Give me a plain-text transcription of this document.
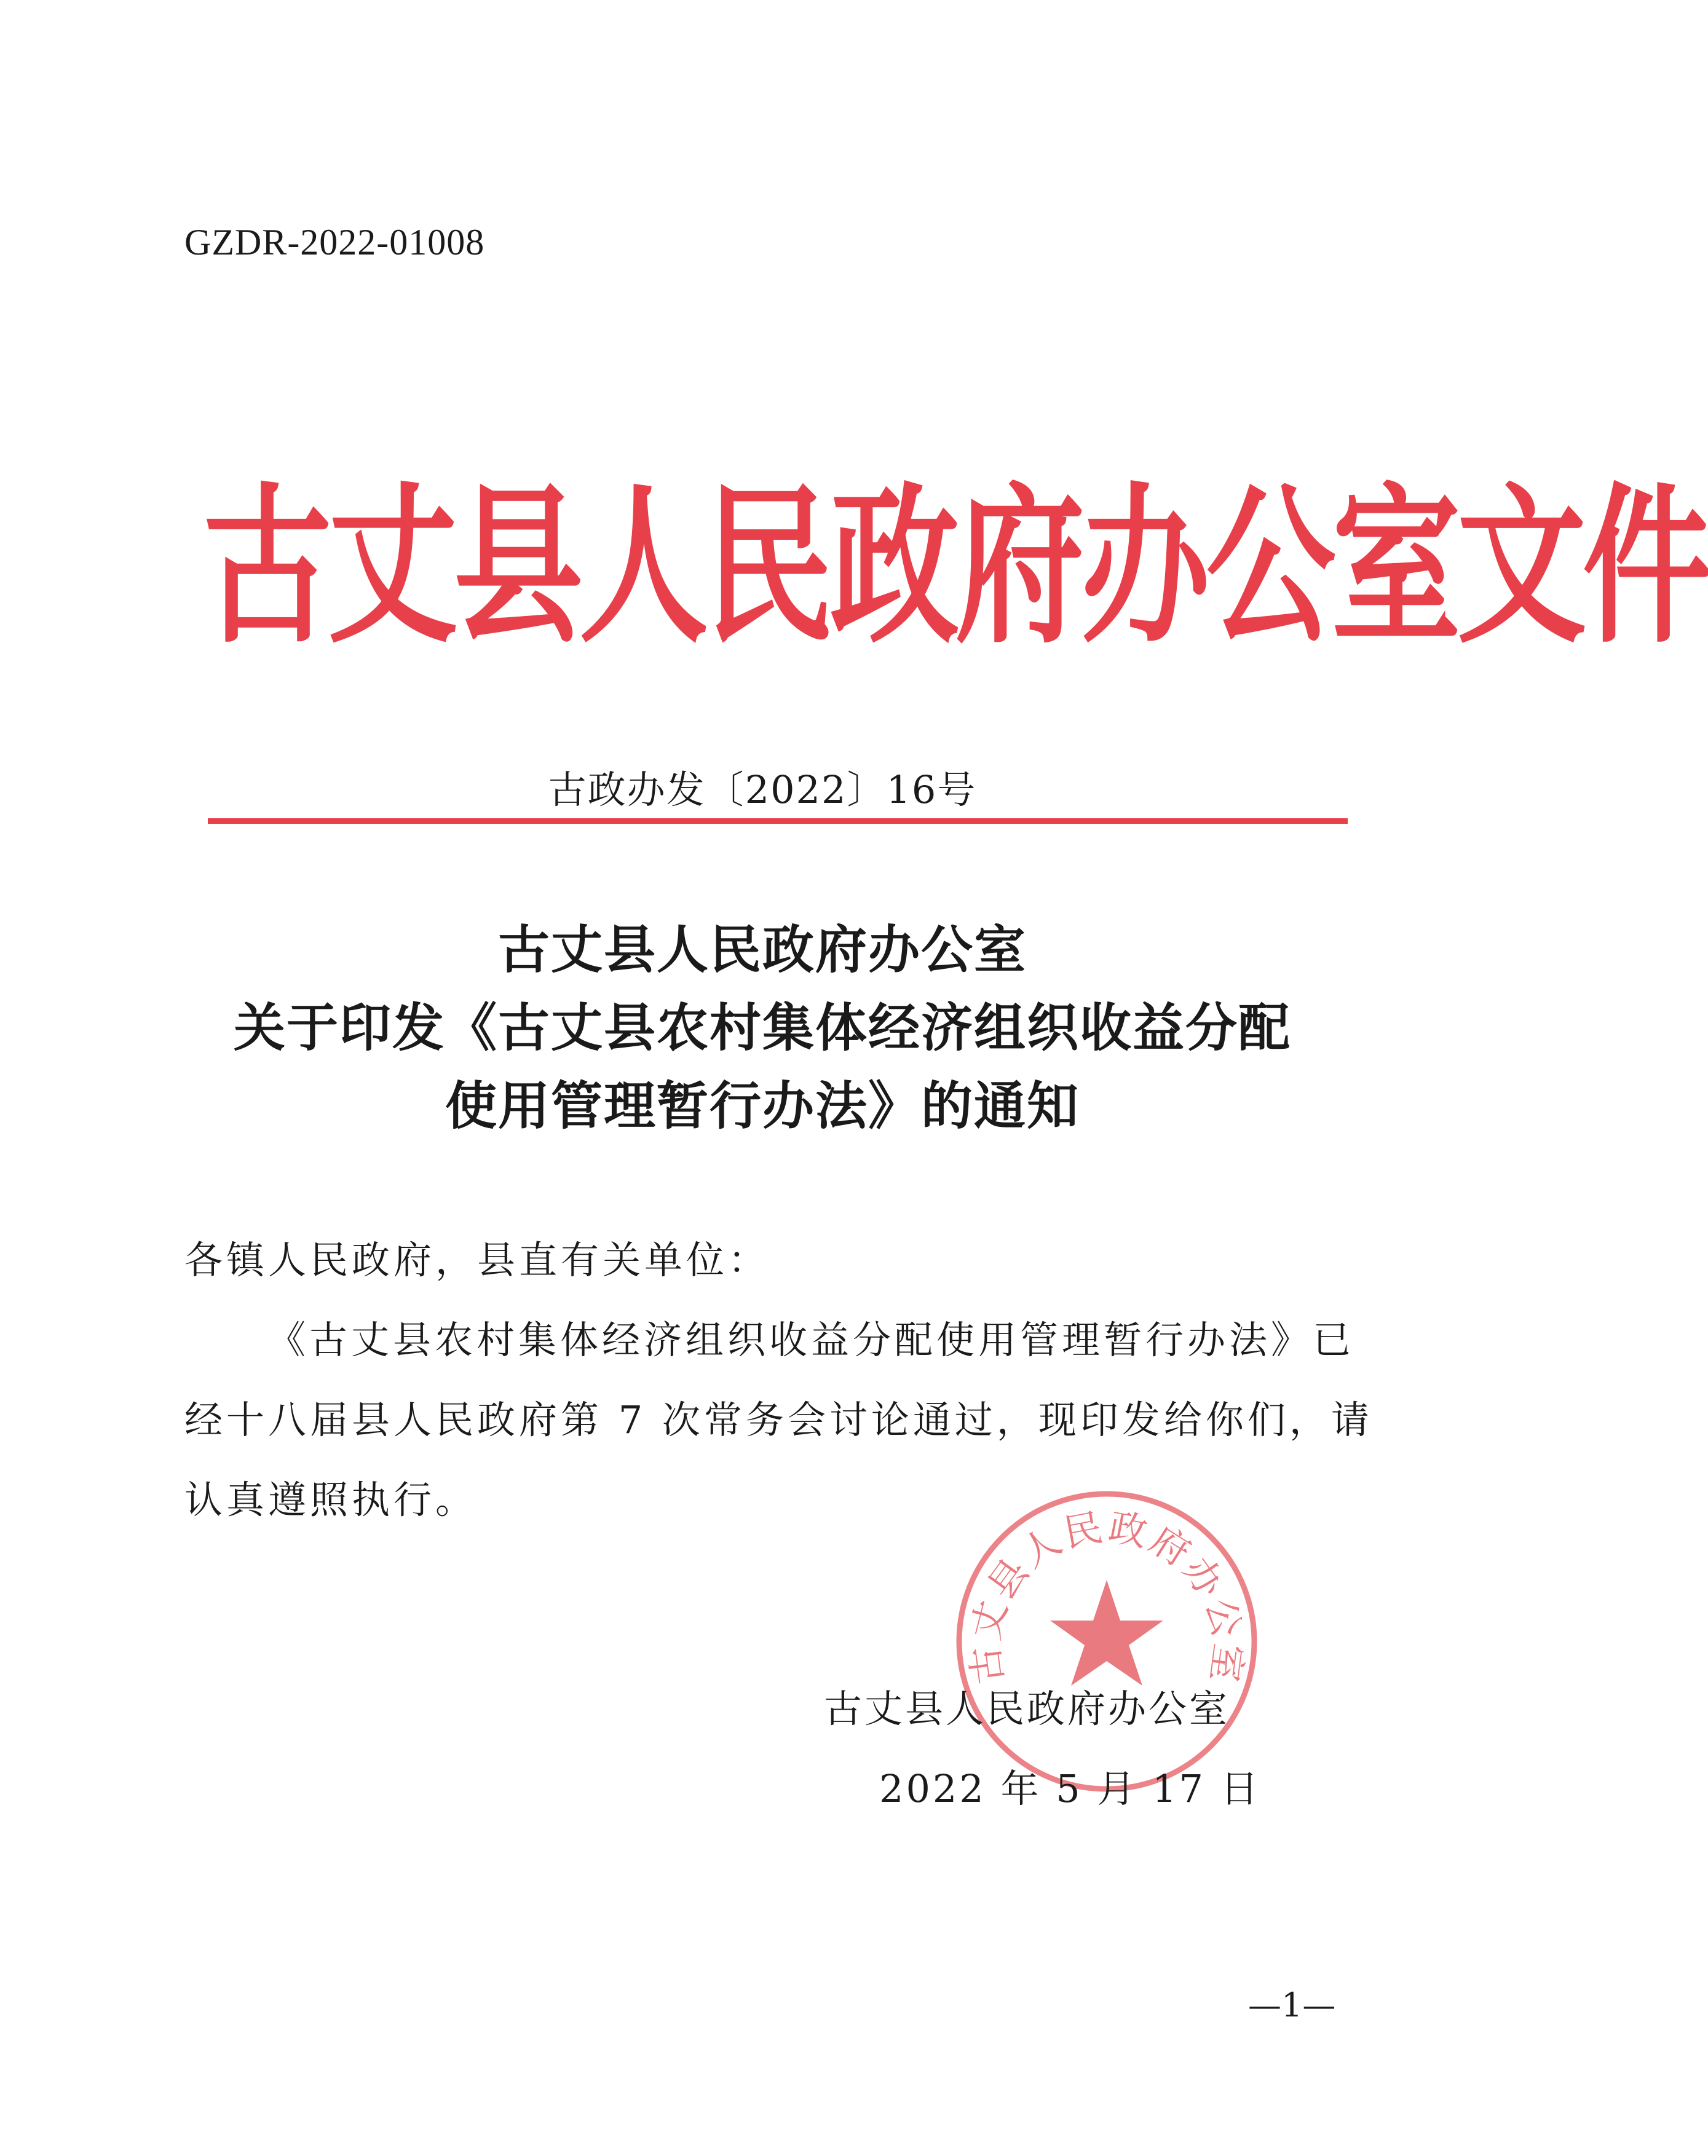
GZDR-2022-01008
古丈县人民政府办公室文件
古政办发〔2022〕16号
古丈县人民政府办公室
关于印发《古丈县农村集体经济组织收益分配
使用管理暂行办法》的通知
各镇人民政府，县直有关单位：
《古丈县农村集体经济组织收益分配使用管理暂行办法》已
经十八届县人民政府第 7 次常务会讨论通过，现印发给你们，请
认真遵照执行。
古丈县人民政府办公室
古丈县人民政府办公室
2022 年 5 月 17 日
—1—
